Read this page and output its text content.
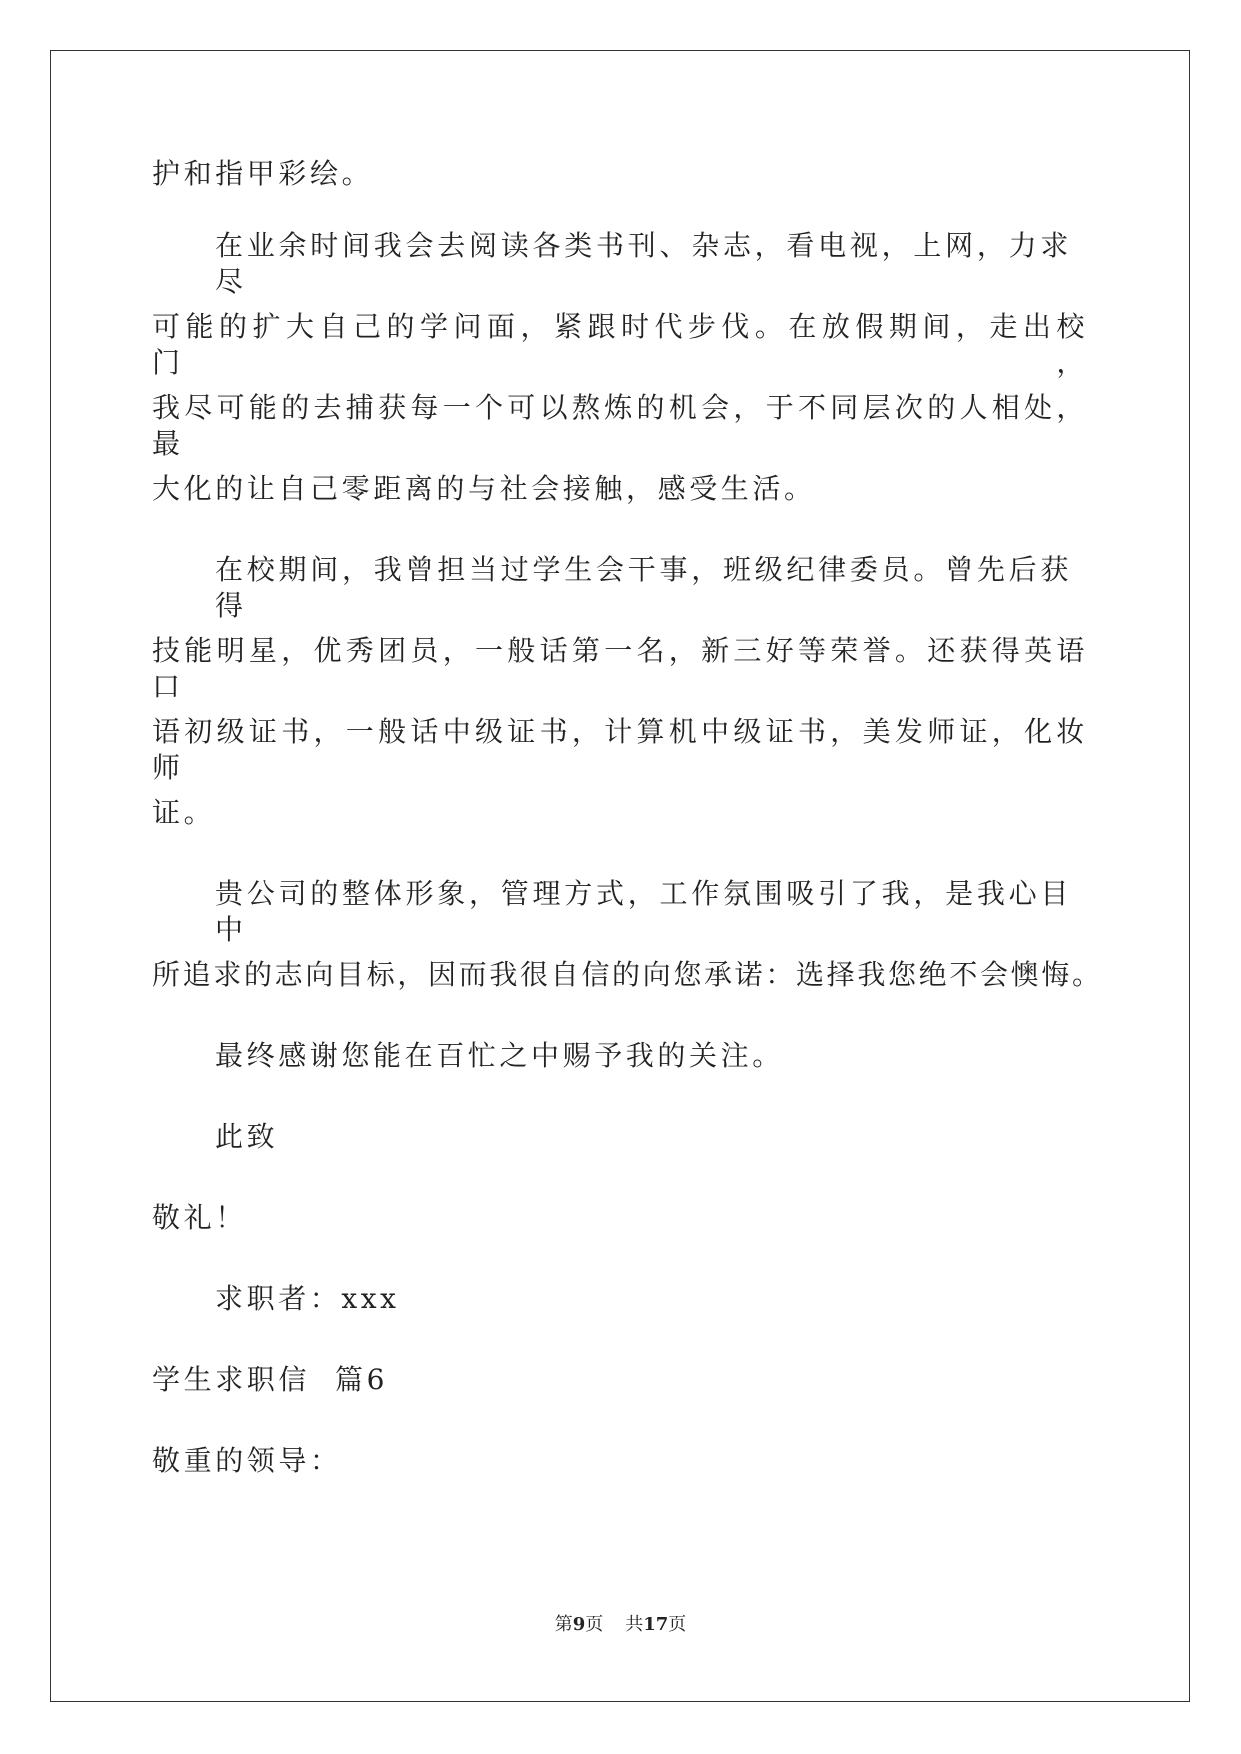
护和指甲彩绘。

在业余时间我会去阅读各类书刊、杂志，看电视，上网，力求尽

可能的扩大自己的学问面，紧跟时代步伐。在放假期间，走出校门，

我尽可能的去捕获每一个可以熬炼的机会，于不同层次的人相处，最

大化的让自己零距离的与社会接触，感受生活。

在校期间，我曾担当过学生会干事，班级纪律委员。曾先后获得

技能明星，优秀团员，一般话第一名，新三好等荣誉。还获得英语口

语初级证书，一般话中级证书，计算机中级证书，美发师证，化妆师

证。

贵公司的整体形象，管理方式，工作氛围吸引了我，是我心目中

所追求的志向目标，因而我很自信的向您承诺：选择我您绝不会懊悔。

最终感谢您能在百忙之中赐予我的关注。

此致

敬礼！

求职者：xxx

学生求职信  篇6

敬重的领导：

第9页 共17页
